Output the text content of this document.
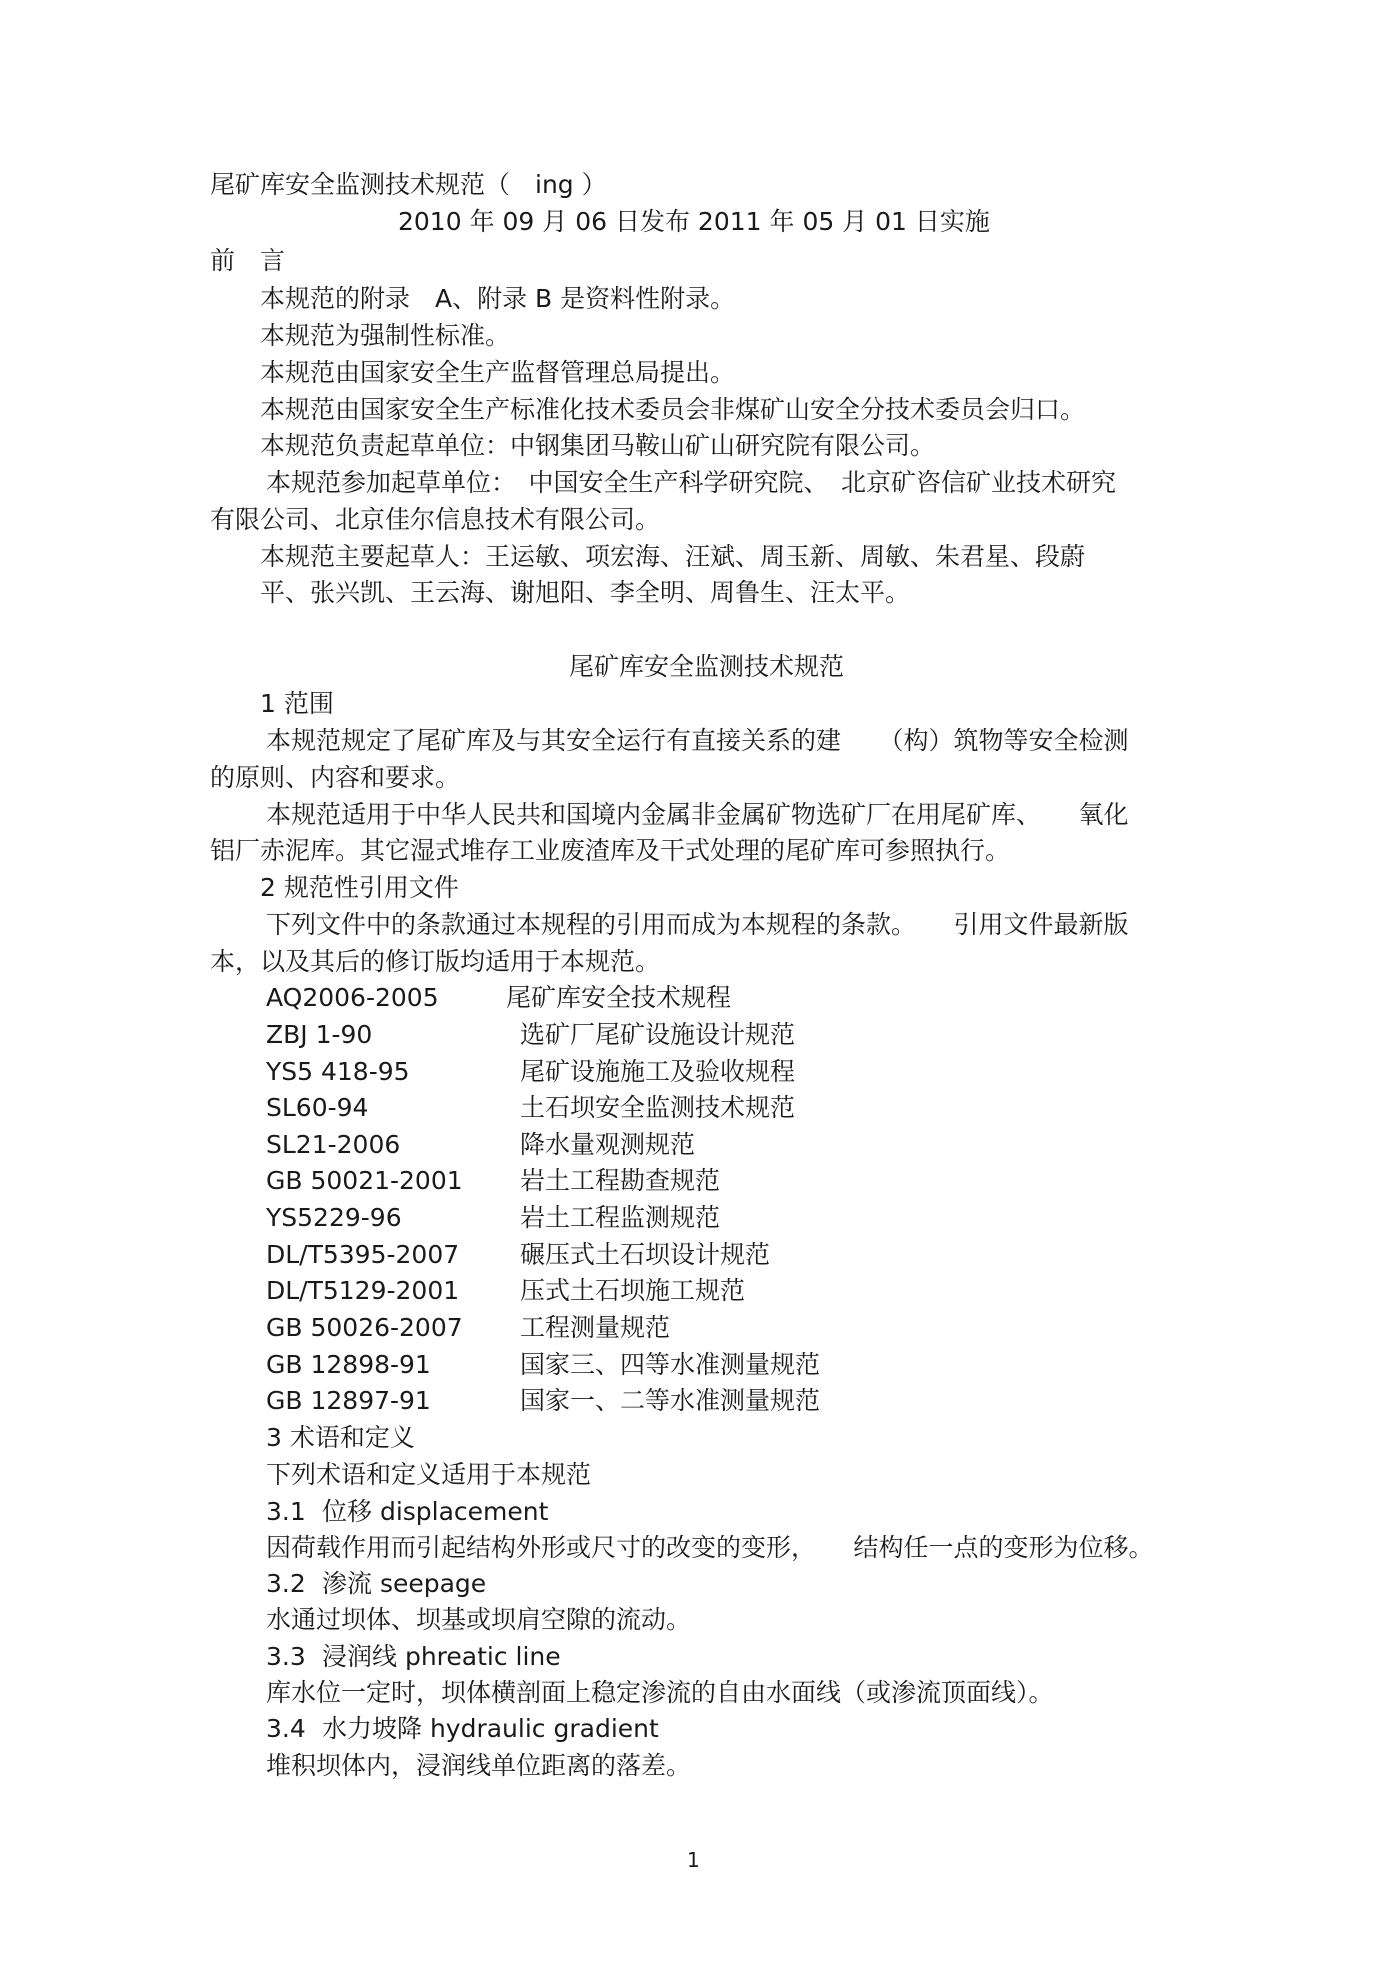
尾矿库安全监测技术规范（　ing ）
2010 年 09 月 06 日发布 2011 年 05 月 01 日实施
前　言
本规范的附录　A、附录 B 是资料性附录。
本规范为强制性标准。
本规范由国家安全生产监督管理总局提出。
本规范由国家安全生产标准化技术委员会非煤矿山安全分技术委员会归口。
本规范负责起草单位：中钢集团马鞍山矿山研究院有限公司。
本规范参加起草单位：　中国安全生产科学研究院、　北京矿咨信矿业技术研究
有限公司、北京佳尔信息技术有限公司。
本规范主要起草人：王运敏、项宏海、汪斌、周玉新、周敏、朱君星、段蔚
平、张兴凯、王云海、谢旭阳、李全明、周鲁生、汪太平。
尾矿库安全监测技术规范
1 范围
本规范规定了尾矿库及与其安全运行有直接关系的建　　（构）筑物等安全检测
的原则、内容和要求。
本规范适用于中华人民共和国境内金属非金属矿物选矿厂在用尾矿库、　　氧化
铝厂赤泥库。其它湿式堆存工业废渣库及干式处理的尾矿库可参照执行。
2 规范性引用文件
下列文件中的条款通过本规程的引用而成为本规程的条款。　　引用文件最新版
本，以及其后的修订版均适用于本规范。
AQ2006-2005	尾矿库安全技术规程
ZBJ 1-90	选矿厂尾矿设施设计规范
YS5 418-95	尾矿设施施工及验收规程
SL60-94	土石坝安全监测技术规范
SL21-2006	降水量观测规范
GB 50021-2001 岩土工程勘查规范
YS5229-96	岩土工程监测规范
DL/T5395-2007 碾压式土石坝设计规范
DL/T5129-2001 压式土石坝施工规范
GB 50026-2007 工程测量规范
GB 12898-91	国家三、四等水准测量规范
GB 12897-91	国家一、二等水准测量规范
3 术语和定义
下列术语和定义适用于本规范
3.1 位移 displacement
因荷载作用而引起结构外形或尺寸的改变的变形，　　结构任一点的变形为位移。
3.2 渗流 seepage
水通过坝体、坝基或坝肩空隙的流动。
3.3 浸润线 phreatic line
库水位一定时，坝体横剖面上稳定渗流的自由水面线（或渗流顶面线）。
3.4 水力坡降 hydraulic gradient
堆积坝体内，浸润线单位距离的落差。
1
